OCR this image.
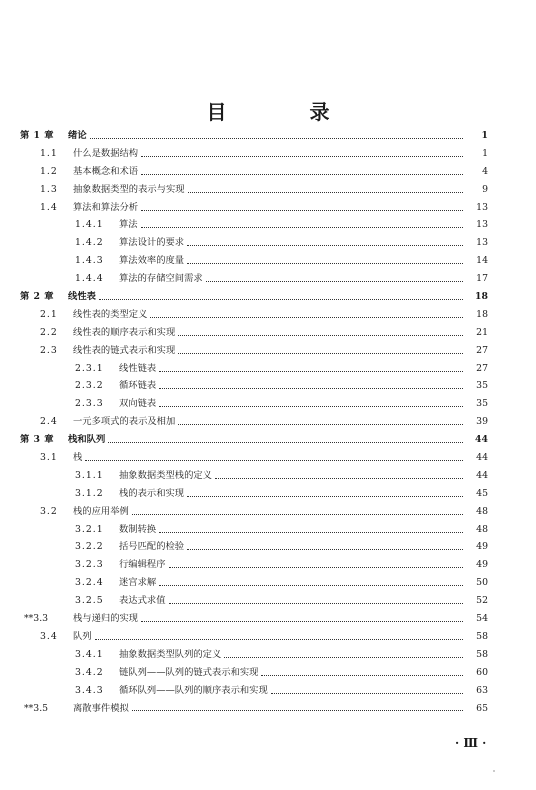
目 录
第 1 章 绪论	1
1.1	什么是数据结构	1
1.2	基本概念和术语	4
1.3	抽象数据类型的表示与实现	9
1.4	算法和算法分析	13
1.4.1	算法	13
1.4.2	算法设计的要求	13
1.4.3	算法效率的度量	14
1.4.4	算法的存储空间需求	17
第 2 章 线性表	18
2.1	线性表的类型定义	18
2.2	线性表的顺序表示和实现	21
2.3	线性表的链式表示和实现	27
2.3.1	线性链表	27
2.3.2	循环链表	35
2.3.3	双向链表	35
2.4	一元多项式的表示及相加	39
第 3 章 栈和队列	44
3.1	栈	44
3.1.1	抽象数据类型栈的定义	44
3.1.2	栈的表示和实现	45
3.2	栈的应用举例	48
3.2.1	数制转换	48
3.2.2	括号匹配的检验	49
3.2.3	行编辑程序	49
3.2.4	迷宫求解	50
3.2.5	表达式求值	52
**3.3	栈与递归的实现	54
3.4	队列	58
3.4.1	抽象数据类型队列的定义	58
3.4.2	链队列——队列的链式表示和实现	60
3.4.3	循环队列——队列的顺序表示和实现	63
**3.5	离散事件模拟	65
· Ⅲ ·
